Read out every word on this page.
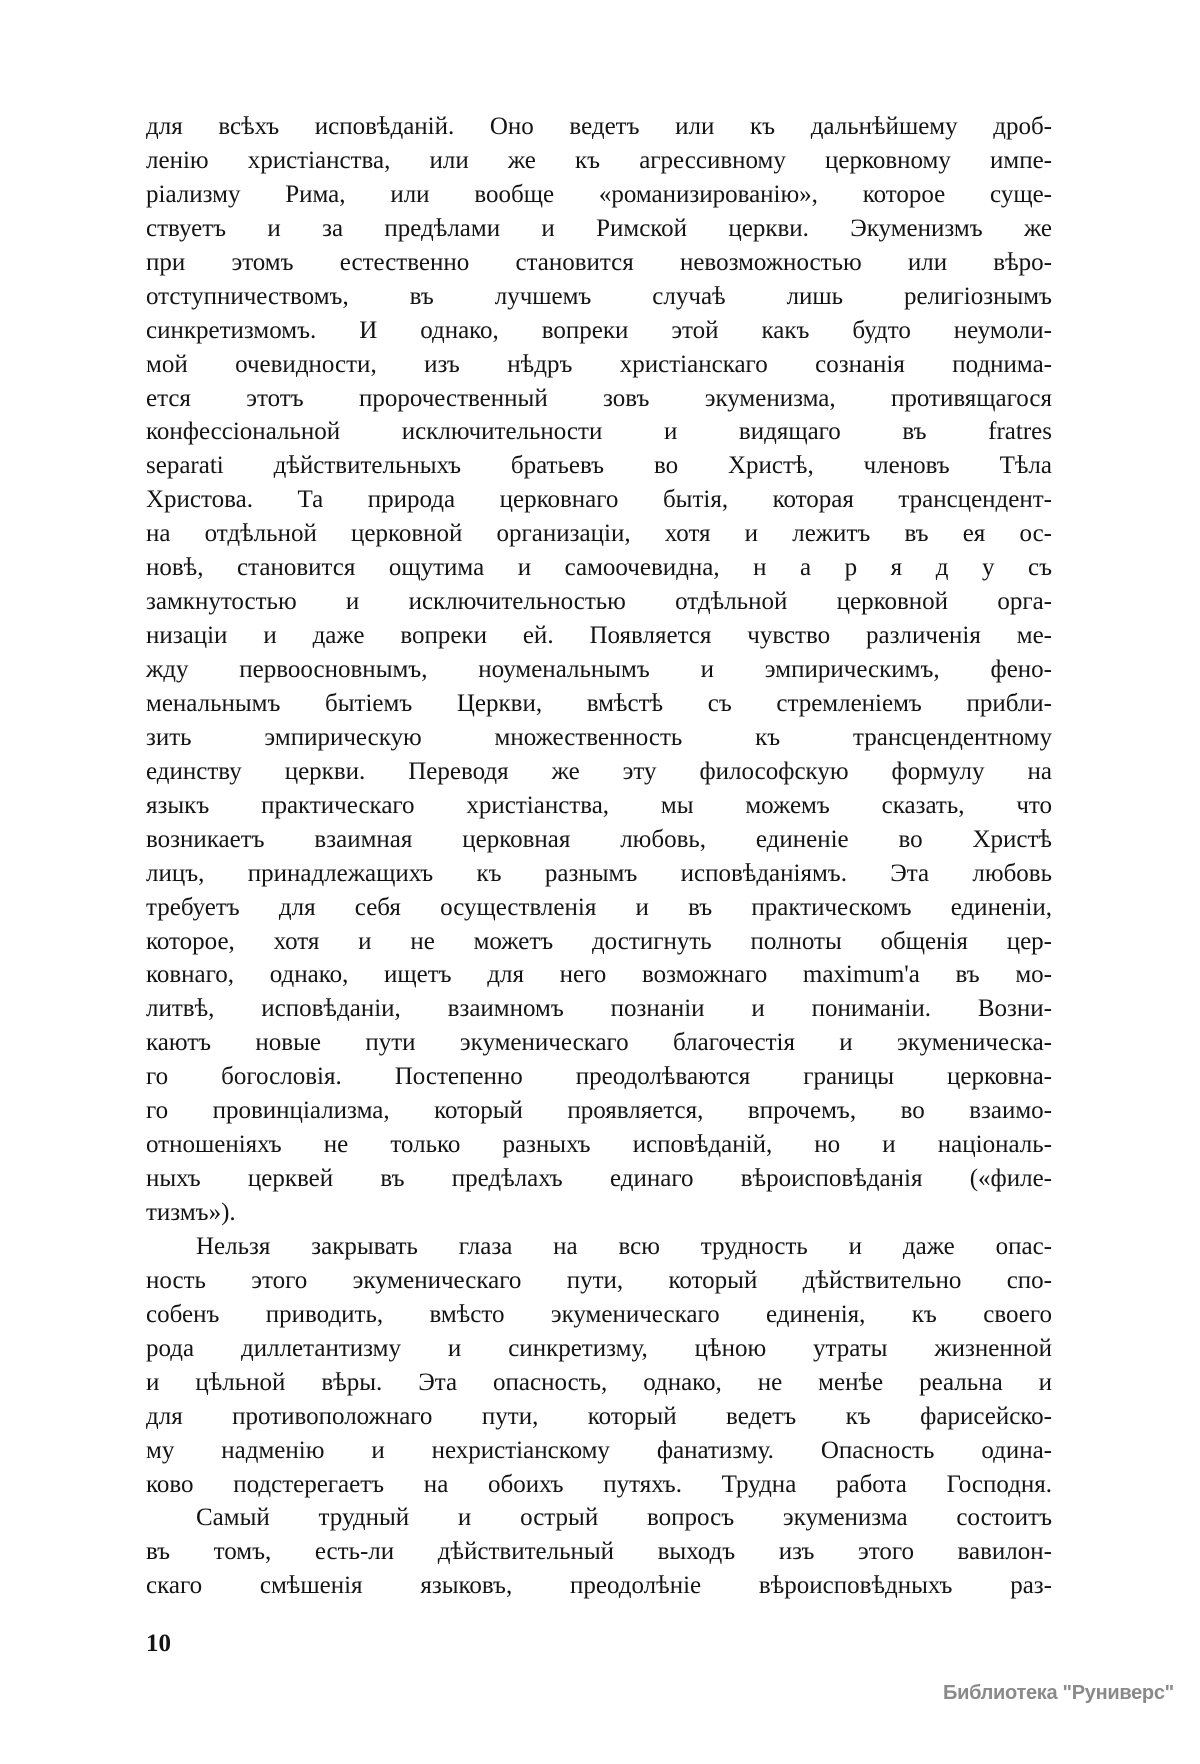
для всѣхъ исповѣданій. Оно ведетъ или къ дальнѣйшему дроб-
ленію христіанства, или же къ агрессивному церковному импе-
ріализму Рима, или вообще «романизированію», которое суще-
ствуетъ и за предѣлами и Римской церкви. Экуменизмъ же
при этомъ естественно становится невозможностью или вѣро-
отступничествомъ, въ лучшемъ случаѣ лишь религіознымъ
синкретизмомъ. И однако, вопреки этой какъ будто неумоли-
мой очевидности, изъ нѣдръ христіанскаго сознанія поднима-
ется этотъ пророчественный зовъ экуменизма, противящагося
конфессіональной исключительности и видящаго въ fratres
separati дѣйствительныхъ братьевъ во Христѣ, членовъ Тѣла
Христова. Та природа церковнаго бытія, которая трансцендент-
на отдѣльной церковной организаціи, хотя и лежитъ въ ея ос-
новѣ, становится ощутима и самоочевидна, н а р я д у съ
замкнутостью и исключительностью отдѣльной церковной орга-
низаціи и даже вопреки ей. Появляется чувство различенія ме-
жду первоосновнымъ, ноуменальнымъ и эмпирическимъ, фено-
менальнымъ бытіемъ Церкви, вмѣстѣ съ стремленіемъ прибли-
зить эмпирическую множественность къ трансцендентному
единству церкви. Переводя же эту философскую формулу на
языкъ практическаго христіанства, мы можемъ сказать, что
возникаетъ взаимная церковная любовь, единеніе во Христѣ
лицъ, принадлежащихъ къ разнымъ исповѣданіямъ. Эта любовь
требуетъ для себя осуществленія и въ практическомъ единеніи,
которое, хотя и не можетъ достигнуть полноты общенія цер-
ковнаго, однако, ищетъ для него возможнаго maximum'а въ мо-
литвѣ, исповѣданіи, взаимномъ познаніи и пониманіи. Возни-
каютъ новые пути экуменическаго благочестія и экуменическа-
го богословія. Постепенно преодолѣваются границы церковна-
го провинціализма, который проявляется, впрочемъ, во взаимо-
отношеніяхъ не только разныхъ исповѣданій, но и національ-
ныхъ церквей въ предѣлахъ единаго вѣроисповѣданія («филе-
тизмъ»).
Нельзя закрывать глаза на всю трудность и даже опас-
ность этого экуменическаго пути, который дѣйствительно спо-
собенъ приводить, вмѣсто экуменическаго единенія, къ своего
рода диллетантизму и синкретизму, цѣною утраты жизненной
и цѣльной вѣры. Эта опасность, однако, не менѣе реальна и
для противоположнаго пути, который ведетъ къ фарисейско-
му надменію и нехристіанскому фанатизму. Опасность одина-
ково подстерегаетъ на обоихъ путяхъ. Трудна работа Господня.
Самый трудный и острый вопросъ экуменизма состоитъ
въ томъ, есть-ли дѣйствительный выходъ изъ этого вавилон-
скаго смѣшенія языковъ, преодолѣніе вѣроисповѣдныхъ раз-
10
Библиотека "Руниверс"
